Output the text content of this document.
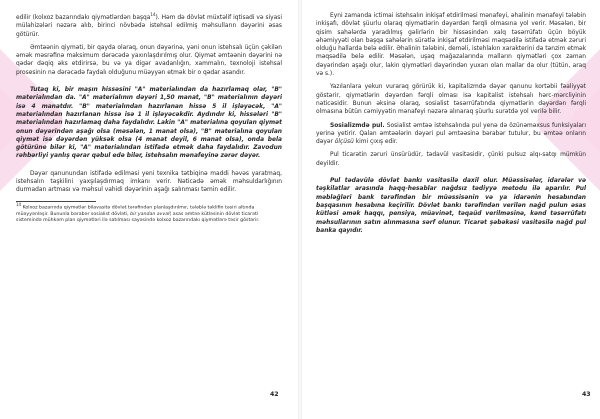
edilir (kolxoz bazarındakı qiymətlərdən başqa$^{14}$). Həm də dövlət müxtəlif iqtisadi və siyasi mülahizələri nəzərə alıb, birinci növbədə istehsal edilmiş məhsulların dəyərini əsas götürür.

Əmtəənin qiyməti, bir qayda olaraq, onun dəyərinə, yəni onun istehsalı üçün çəkilən əmək məsrəfinə maksimum dərəcədə yaxınlaşdırılmış olur. Qiymət əmtəənin dəyərini nə qədər dəqiq əks etdirirsə, bu və ya digər avadanlığın, xammalın, texnoloji istehsal prosesinin nə dərəcədə faydalı olduğunu müəyyən etmək bir o qədar asandır.

Tutaq ki, bir maşın hissəsini "A" materialından da hazırlamaq olar, "B" materialından da. "A" materialının dəyəri 1,50 manat, "B" materialının dəyəri isə 4 manatdır. "B" materialından hazırlanan hissə 5 il işləyəcək, "A" materialından hazırlanan hissə isə 1 il işləyəcəkdir. Aydındır ki, hissələri "B" materialından hazırlamaq daha faydalıdır. Lakin "A" materialına qoyulan qiymət onun dəyərindən aşağı olsa (məsələn, 1 manat olsa), "B" materialına qoyulan qiymət isə dəyərdən yüksək olsa (4 manat deyil, 6 manat olsa), onda bela götürüne bilər ki, "A" materialından istifadə etmək daha faydalıdır. Zavodun rəhbərliyi yanlış qərar qəbul edə bilər, istehsalın mənafeyinə zərər dəyər.

Dəyər qanunundan istifadə edilməsi yeni texnika tətbiqinə maddi həvəs yaratmaq, istehsalın təşkilini yaxşılaşdırmaq imkanı verir. Nəticədə əmək məhsuldarlığının durmadan artması və məhsul vahidi dəyərinin aşağı salınması təmin edilir.

$^{14}$ Kolxoz bazarında qiymətlər bilavasitə dövlət tərəfindən planlaşdırılmır, tələblə təklifin təsiri altında müəyyənləşir. Bununla bərabər sosialist dövləti, bir yandan avval( asas əmtəə kütləsinin dövlət ticarəti sistemində mühkəm plan qiymətləri ilə satılması sayəsində kolxoz bazarındakı qiymətlərə təsir göstərir.

42

Eyni zamanda ictimai istehsalın inkişaf etdirilməsi mənafeyi, əhalinin mənafeyi tələbin inkişafı, dövlət şüurlu olaraq qiymətlərin dəyərdən fərqli olmasına yol verir. Məsələn, bir qisim sahələrdə yaradılmış gəlirlərin bir hissəsindən xalq təsərrüfatı üçün böyük əhəmiyyəti olan başqa sahələrin sürətlə inkişaf etdirilməsi məqsədilə istifadə etmək zəruri olduğu hallarda belə edilir. Əhalinin tələbini, deməli, istehlakın xarakterini də tənzim etmək məqsədilə belə edilir. Məsələn, uşaq mağazalarında malların qiymətləri çox zaman dəyərindən aşağı olur, lakin qiymətləri dəyərindən yuxarı olan mallar da olur (tütün, araq və s.).

Yazılanlara yekun vuraraq görürük ki, kapitalizmdə dəyər qanunu kortəbii fəaliyyət göstərir, qiymətlərin dəyərdən fərqli olması isə kapitalist istehsalı hərc-mərcliyinin nəticəsidir. Bunun əksinə olaraq, sosialist təsərrüfatında qiymətlərin dəyərdən fərqli olmasına bütün cəmiyyətin mənafeyi nəzərə alınaraq şüurlu surətdə yol verilə bilir.

Sosializmdə pul. Sosialist əmtəə istehsalında pul yenə də özünəməxsus funksiyaları yerinə yetirir. Qalan əmtəələrin dəyəri pul əmtəəsinə bərabər tutulur, bu əmtəə onların dəyər ölçüsü kimi çıxış edir.

Pul ticarətin zəruri ünsürüdür, tədavül vasitəsidir, çünki pulsuz alqı-satqı mümkün deyildir.

Pul tədavülə dövlət bankı vasitəsilə daxil olur. Müəssisələr, idarələr və təşkilatlar arasında haqq-hesablar nağdsız tədiyyə metodu ilə aparılır. Pul məbləğləri bank tərəfindən bir müəssisənin və ya idarənin hesabından başqasının hesabına keçirilir. Dövlət bankı tərəfindən verilən nağd pulun əsas kütləsi əmək haqqı, pensiya, müavinət, təqaüd verilməsinə, kənd təsərrüfatı məhsullarının satın alınmasına sərf olunur. Ticarət şəbəkəsi vasitəsilə nağd pul banka qayıdır.

43
